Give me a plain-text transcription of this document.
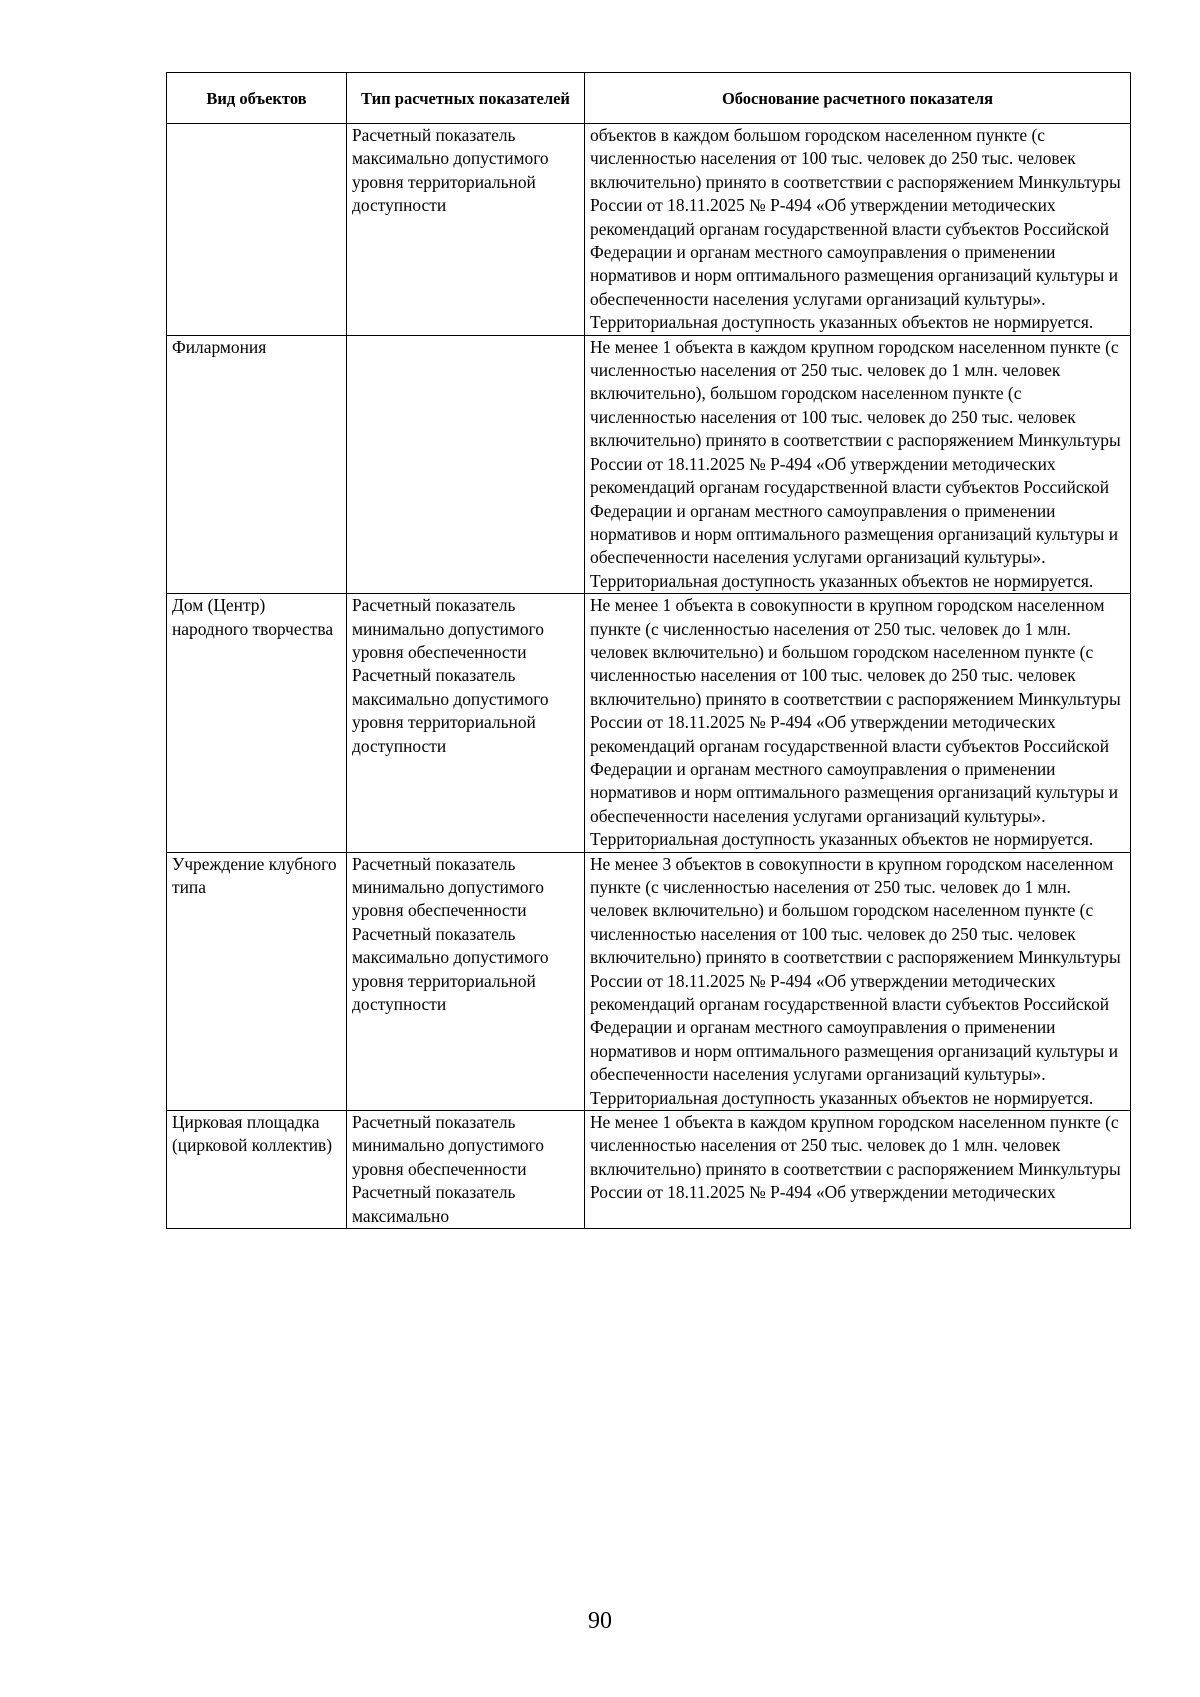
Вид объектов	Тип расчетных показателей	Обоснование расчетного показателя

	Расчетный показатель максимально допустимого уровня территориальной доступности	объектов в каждом большом городском населенном пункте (с численностью населения от 100 тыс. человек до 250 тыс. человек включительно) принято в соответствии с распоряжением Минкультуры России от 18.11.2025 № Р-494 «Об утверждении методических рекомендаций органам государственной власти субъектов Российской Федерации и органам местного самоуправления о применении нормативов и норм оптимального размещения организаций культуры и обеспеченности населения услугами организаций культуры».
Территориальная доступность указанных объектов не нормируется.

Филармония		Не менее 1 объекта в каждом крупном городском населенном пункте (с численностью населения от 250 тыс. человек до 1 млн. человек включительно), большом городском населенном пункте (с численностью населения от 100 тыс. человек до 250 тыс. человек включительно) принято в соответствии с распоряжением Минкультуры России от 18.11.2025 № Р-494 «Об утверждении методических рекомендаций органам государственной власти субъектов Российской Федерации и органам местного самоуправления о применении нормативов и норм оптимального размещения организаций культуры и обеспеченности населения услугами организаций культуры».
Территориальная доступность указанных объектов не нормируется.

Дом (Центр) народного творчества	Расчетный показатель минимально допустимого уровня обеспеченности
Расчетный показатель максимально допустимого уровня территориальной доступности	Не менее 1 объекта в совокупности в крупном городском населенном пункте (с численностью населения от 250 тыс. человек до 1 млн. человек включительно) и большом городском населенном пункте (с численностью населения от 100 тыс. человек до 250 тыс. человек включительно) принято в соответствии с распоряжением Минкультуры России от 18.11.2025 № Р-494 «Об утверждении методических рекомендаций органам государственной власти субъектов Российской Федерации и органам местного самоуправления о применении нормативов и норм оптимального размещения организаций культуры и обеспеченности населения услугами организаций культуры».
Территориальная доступность указанных объектов не нормируется.

Учреждение клубного типа	Расчетный показатель минимально допустимого уровня обеспеченности
Расчетный показатель максимально допустимого уровня территориальной доступности	Не менее 3 объектов в совокупности в крупном городском населенном пункте (с численностью населения от 250 тыс. человек до 1 млн. человек включительно) и большом городском населенном пункте (с численностью населения от 100 тыс. человек до 250 тыс. человек включительно) принято в соответствии с распоряжением Минкультуры России от 18.11.2025 № Р-494 «Об утверждении методических рекомендаций органам государственной власти субъектов Российской Федерации и органам местного самоуправления о применении нормативов и норм оптимального размещения организаций культуры и обеспеченности населения услугами организаций культуры».
Территориальная доступность указанных объектов не нормируется.

Цирковая площадка (цирковой коллектив)	Расчетный показатель минимально допустимого уровня обеспеченности
Расчетный показатель максимально	Не менее 1 объекта в каждом крупном городском населенном пункте (с численностью населения от 250 тыс. человек до 1 млн. человек включительно) принято в соответствии с распоряжением Минкультуры России от 18.11.2025 № Р-494 «Об утверждении методических
90
